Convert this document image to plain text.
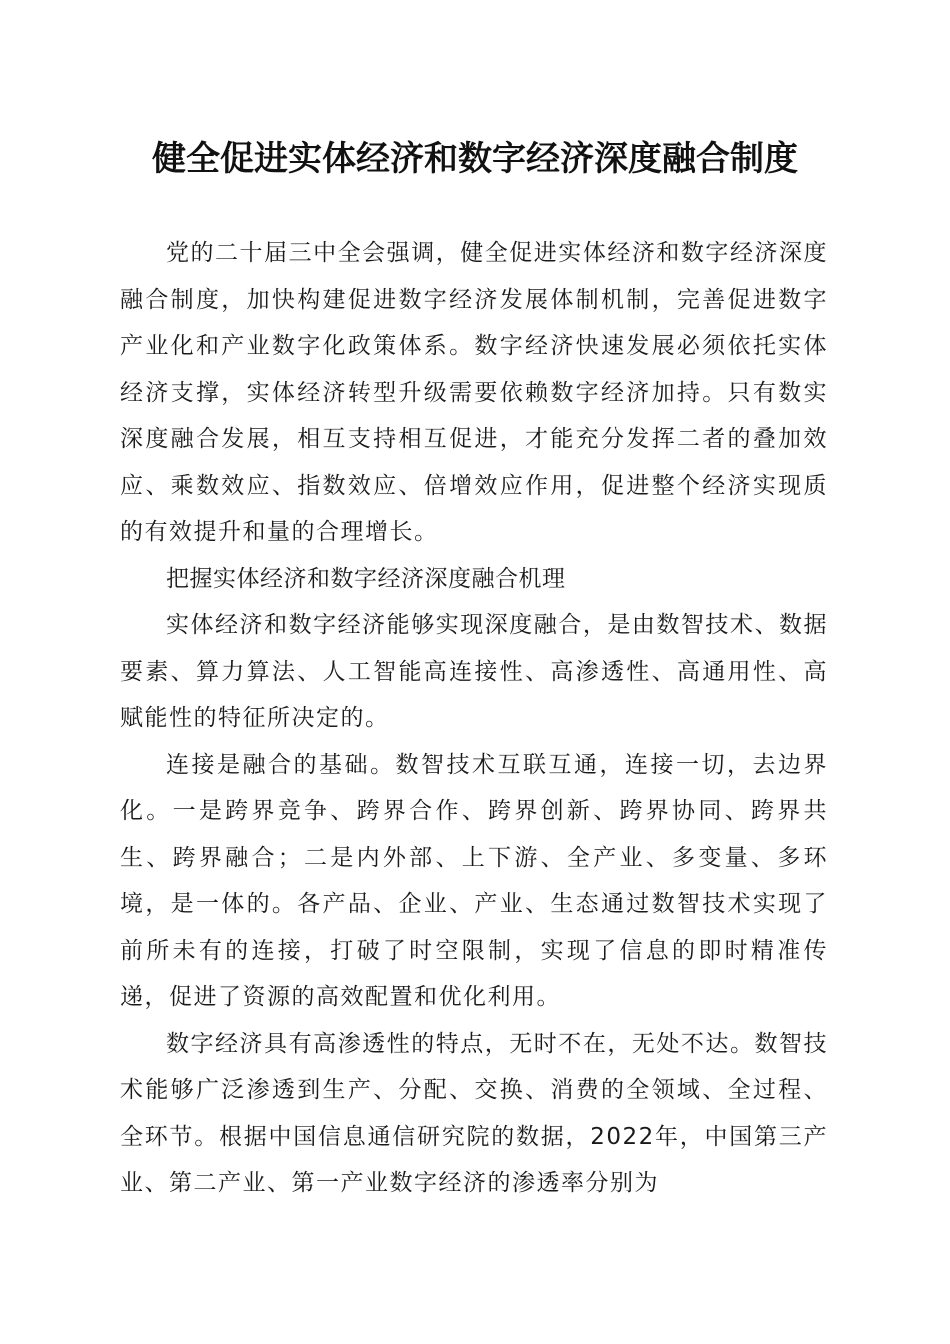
健全促进实体经济和数字经济深度融合制度

党的二十届三中全会强调，健全促进实体经济和数字经济深度融合制度，加快构建促进数字经济发展体制机制，完善促进数字产业化和产业数字化政策体系。数字经济快速发展必须依托实体经济支撑，实体经济转型升级需要依赖数字经济加持。只有数实深度融合发展，相互支持相互促进，才能充分发挥二者的叠加效应、乘数效应、指数效应、倍增效应作用，促进整个经济实现质的有效提升和量的合理增长。

把握实体经济和数字经济深度融合机理

实体经济和数字经济能够实现深度融合，是由数智技术、数据要素、算力算法、人工智能高连接性、高渗透性、高通用性、高赋能性的特征所决定的。

连接是融合的基础。数智技术互联互通，连接一切，去边界化。一是跨界竞争、跨界合作、跨界创新、跨界协同、跨界共生、跨界融合；二是内外部、上下游、全产业、多变量、多环境，是一体的。各产品、企业、产业、生态通过数智技术实现了前所未有的连接，打破了时空限制，实现了信息的即时精准传递，促进了资源的高效配置和优化利用。

数字经济具有高渗透性的特点，无时不在，无处不达。数智技术能够广泛渗透到生产、分配、交换、消费的全领域、全过程、全环节。根据中国信息通信研究院的数据，2022年，中国第三产业、第二产业、第一产业数字经济的渗透率分别为
